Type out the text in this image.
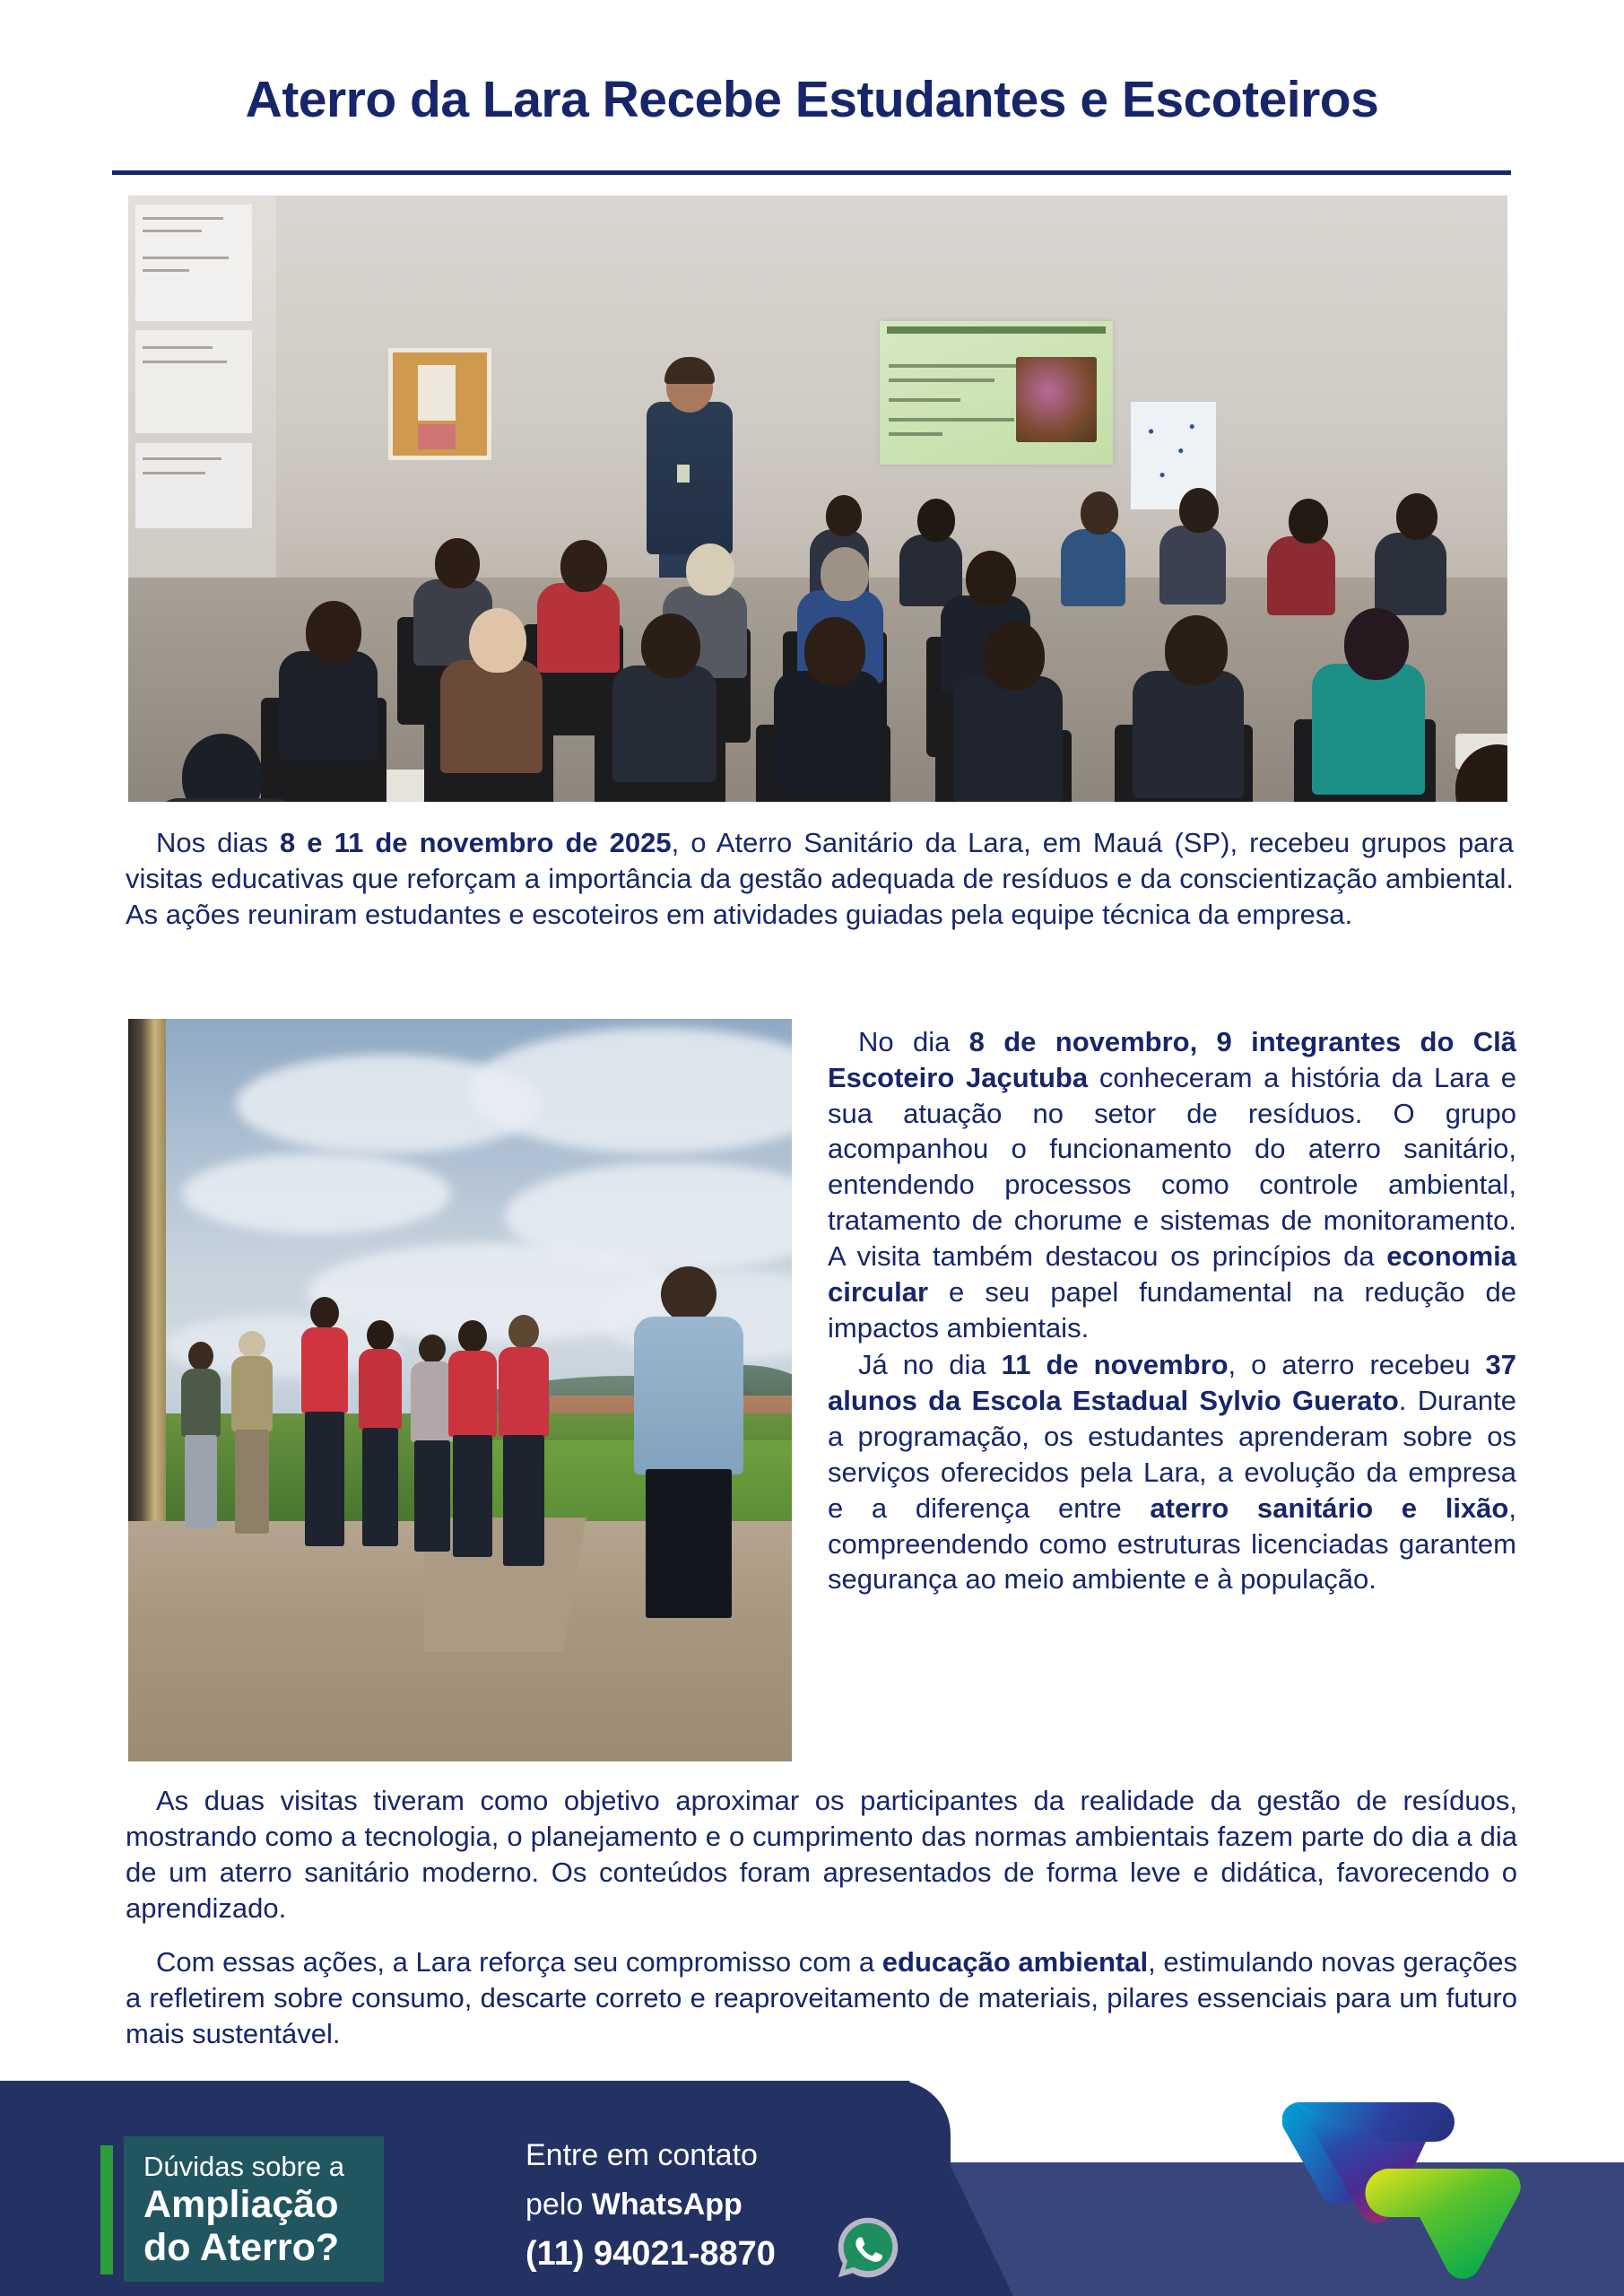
Aterro da Lara Recebe Estudantes e Escoteiros
Nos dias 8 e 11 de novembro de 2025, o Aterro Sanitário da Lara, em Mauá (SP), recebeu grupos para visitas educativas que reforçam a importância da gestão adequada de resíduos e da conscientização ambiental. As ações reuniram estudantes e escoteiros em atividades guiadas pela equipe técnica da empresa.

No dia 8 de novembro, 9 integrantes do Clã Escoteiro Jaçutuba conheceram a história da Lara e sua atuação no setor de resíduos. O grupo acompanhou o funcionamento do aterro sanitário, entendendo processos como controle ambiental, tratamento de chorume e sistemas de monitoramento. A visita também destacou os princípios da economia circular e seu papel fundamental na redução de impactos ambientais.

Já no dia 11 de novembro, o aterro recebeu 37 alunos da Escola Estadual Sylvio Guerato. Durante a programação, os estudantes aprenderam sobre os serviços oferecidos pela Lara, a evolução da empresa e a diferença entre aterro sanitário e lixão, compreendendo como estruturas licenciadas garantem segurança ao meio ambiente e à população.

As duas visitas tiveram como objetivo aproximar os participantes da realidade da gestão de resíduos, mostrando como a tecnologia, o planejamento e o cumprimento das normas ambientais fazem parte do dia a dia de um aterro sanitário moderno. Os conteúdos foram apresentados de forma leve e didática, favorecendo o aprendizado.
Com essas ações, a Lara reforça seu compromisso com a educação ambiental, estimulando novas gerações a refletirem sobre consumo, descarte correto e reaproveitamento de materiais, pilares essenciais para um futuro mais sustentável.
Dúvidas sobre a
Ampliação
do Aterro?
Entre em contato
pelo WhatsApp
(11) 94021-8870
